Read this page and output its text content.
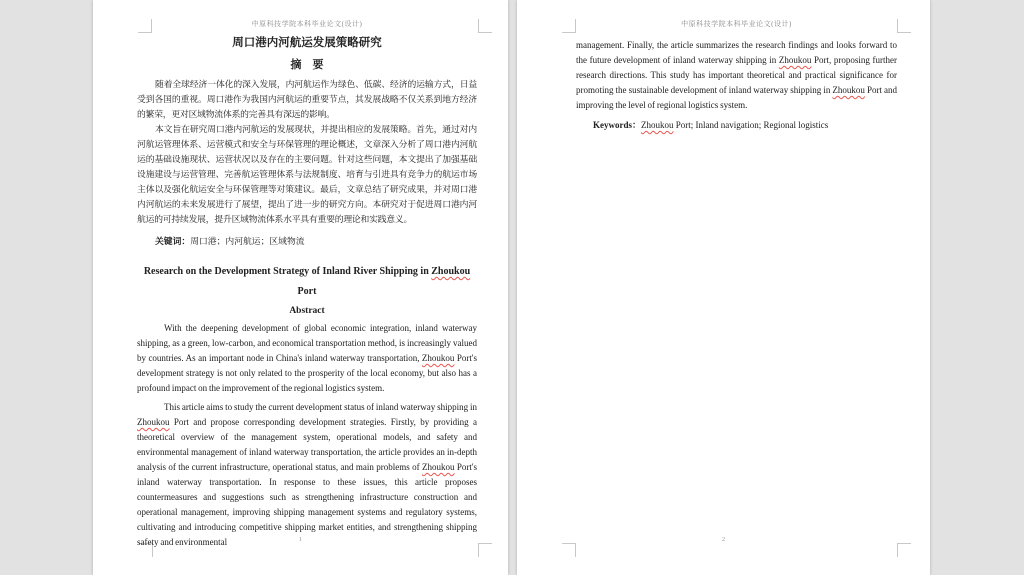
中原科技学院本科毕业论文(设计)
周口港内河航运发展策略研究
摘　要
随着全球经济一体化的深入发展，内河航运作为绿色、低碳、经济的运输方式，日益受到各国的重视。周口港作为我国内河航运的重要节点，其发展战略不仅关系到地方经济的繁荣，更对区域物流体系的完善具有深远的影响。
本文旨在研究周口港内河航运的发展现状，并提出相应的发展策略。首先，通过对内河航运管理体系、运营模式和安全与环保管理的理论概述，文章深入分析了周口港内河航运的基础设施现状、运营状况以及存在的主要问题。针对这些问题，本文提出了加强基础设施建设与运营管理、完善航运管理体系与法规制度、培育与引进具有竞争力的航运市场主体以及强化航运安全与环保管理等对策建议。最后，文章总结了研究成果，并对周口港内河航运的未来发展进行了展望，提出了进一步的研究方向。本研究对于促进周口港内河航运的可持续发展，提升区域物流体系水平具有重要的理论和实践意义。
关键词：周口港；内河航运；区域物流
Research on the Development Strategy of Inland River Shipping in Zhoukou
Port
Abstract
With the deepening development of global economic integration, inland waterway shipping, as a green, low-carbon, and economical transportation method, is increasingly valued by countries. As an important node in China's inland waterway transportation, Zhoukou Port's development strategy is not only related to the prosperity of the local economy, but also has a profound impact on the improvement of the regional logistics system.
This article aims to study the current development status of inland waterway shipping in Zhoukou Port and propose corresponding development strategies. Firstly, by providing a theoretical overview of the management system, operational models, and safety and environmental management of inland waterway transportation, the article provides an in-depth analysis of the current infrastructure, operational status, and main problems of Zhoukou Port's inland waterway transportation. In response to these issues, this article proposes countermeasures and suggestions such as strengthening infrastructure construction and operational management, improving shipping management systems and regulatory systems, cultivating and introducing competitive shipping market entities, and strengthening shipping safety and environmental	1
中原科技学院本科毕业论文(设计)
management. Finally, the article summarizes the research findings and looks forward to the future development of inland waterway shipping in Zhoukou Port, proposing further research directions. This study has important theoretical and practical significance for promoting the sustainable development of inland waterway shipping in Zhoukou Port and improving the level of regional logistics system.
Keywords：Zhoukou Port; Inland navigation; Regional logistics
2
